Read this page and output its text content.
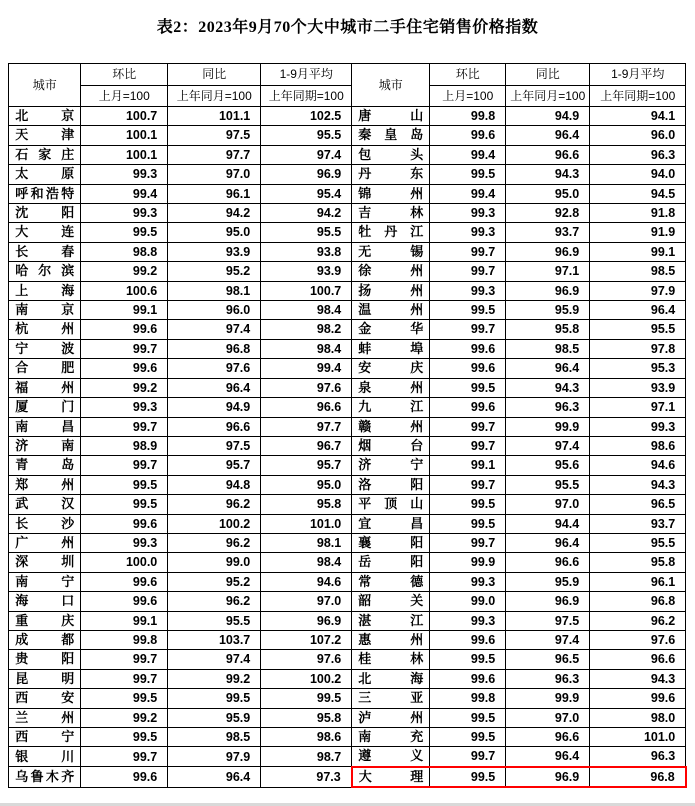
表2：2023年9月70个大中城市二手住宅销售价格指数
城市	环比	同比	1-9月平均	城市	环比	同比	1-9月平均
	上月=100	上年同月=100	上年同期=100		上月=100	上年同月=100	上年同期=100
北京	100.7	101.1	102.5	唐山	99.8	94.9	94.1
天津	100.1	97.5	95.5	秦皇岛	99.6	96.4	96.0
石家庄	100.1	97.7	97.4	包头	99.4	96.6	96.3
太原	99.3	97.0	96.9	丹东	99.5	94.3	94.0
呼和浩特	99.4	96.1	95.4	锦州	99.4	95.0	94.5
沈阳	99.3	94.2	94.2	吉林	99.3	92.8	91.8
大连	99.5	95.0	95.5	牡丹江	99.3	93.7	91.9
长春	98.8	93.9	93.8	无锡	99.7	96.9	99.1
哈尔滨	99.2	95.2	93.9	徐州	99.7	97.1	98.5
上海	100.6	98.1	100.7	扬州	99.3	96.9	97.9
南京	99.1	96.0	98.4	温州	99.5	95.9	96.4
杭州	99.6	97.4	98.2	金华	99.7	95.8	95.5
宁波	99.7	96.8	98.4	蚌埠	99.6	98.5	97.8
合肥	99.6	97.6	99.4	安庆	99.6	96.4	95.3
福州	99.2	96.4	97.6	泉州	99.5	94.3	93.9
厦门	99.3	94.9	96.6	九江	99.6	96.3	97.1
南昌	99.7	96.6	97.7	赣州	99.7	99.9	99.3
济南	98.9	97.5	96.7	烟台	99.7	97.4	98.6
青岛	99.7	95.7	95.7	济宁	99.1	95.6	94.6
郑州	99.5	94.8	95.0	洛阳	99.7	95.5	94.3
武汉	99.5	96.2	95.8	平顶山	99.5	97.0	96.5
长沙	99.6	100.2	101.0	宜昌	99.5	94.4	93.7
广州	99.3	96.2	98.1	襄阳	99.7	96.4	95.5
深圳	100.0	99.0	98.4	岳阳	99.9	96.6	95.8
南宁	99.6	95.2	94.6	常德	99.3	95.9	96.1
海口	99.6	96.2	97.0	韶关	99.0	96.9	96.8
重庆	99.1	95.5	96.9	湛江	99.3	97.5	96.2
成都	99.8	103.7	107.2	惠州	99.6	97.4	97.6
贵阳	99.7	97.4	97.6	桂林	99.5	96.5	96.6
昆明	99.7	99.2	100.2	北海	99.6	96.3	94.3
西安	99.5	99.5	99.5	三亚	99.8	99.9	99.6
兰州	99.2	95.9	95.8	泸州	99.5	97.0	98.0
西宁	99.5	98.5	98.6	南充	99.5	96.6	101.0
银川	99.7	97.9	98.7	遵义	99.7	96.4	96.3
乌鲁木齐	99.6	96.4	97.3	大理	99.5	96.9	96.8
